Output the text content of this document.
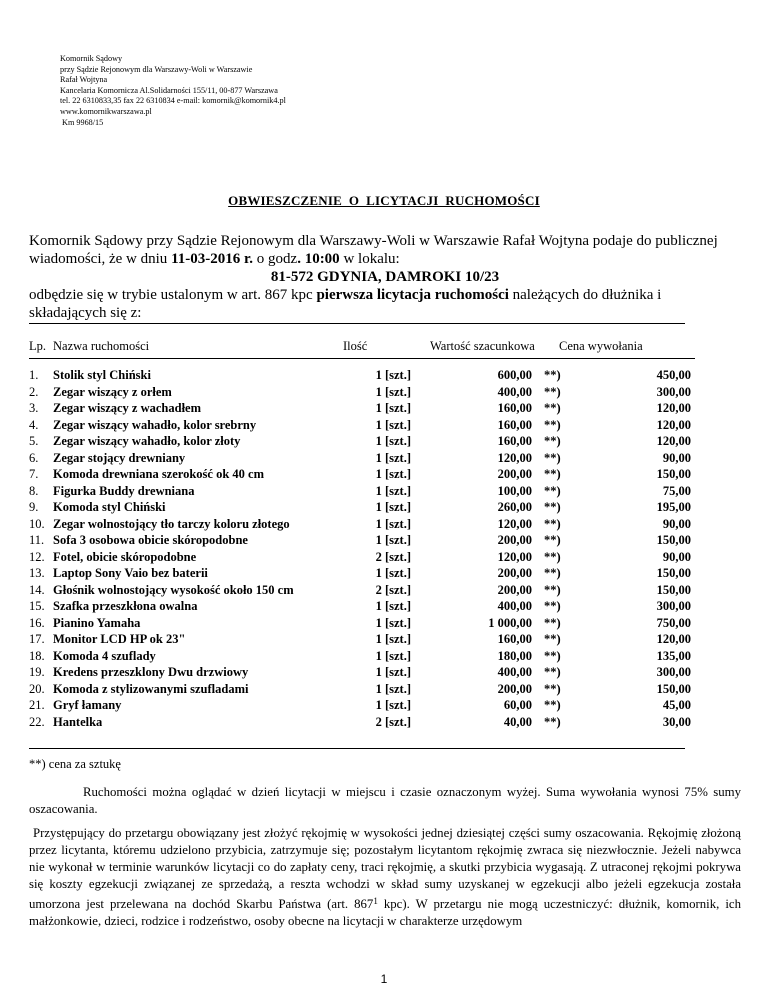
Komornik Sądowy
przy Sądzie Rejonowym dla Warszawy-Woli w Warszawie
Rafał Wojtyna
Kancelaria Komornicza Al.Solidarności 155/11, 00-877 Warszawa
tel. 22 6310833,35 fax 22 6310834 e-mail: komornik@komornik4.pl
www.komornikwarszawa.pl
Km 9968/15
OBWIESZCZENIE  O  LICYTACJI  RUCHOMOŚCI
Komornik Sądowy przy Sądzie Rejonowym dla Warszawy-Woli w Warszawie Rafał Wojtyna podaje do publicznej wiadomości, że w dniu 11-03-2016 r. o godz. 10:00 w lokalu:
81-572 GDYNIA, DAMROKI 10/23
odbędzie się w trybie ustalonym w art. 867 kpc pierwsza licytacja ruchomości należących do dłużnika i składających się z:
Lp. Nazwa ruchomości	Ilość	Wartość szacunkowa Cena wywołania
1. Stolik styl Chiński	1 [szt.]	600,00 **)	450,00
2. Zegar wiszący z orłem	1 [szt.]	400,00 **)	300,00
3. Zegar wiszący z wachadłem	1 [szt.]	160,00 **)	120,00
4. Zegar wiszący wahadło, kolor srebrny	1 [szt.]	160,00 **)	120,00
5. Zegar wiszący wahadło, kolor złoty	1 [szt.]	160,00 **)	120,00
6. Zegar stojący drewniany	1 [szt.]	120,00 **)	90,00
7. Komoda drewniana szerokość ok 40 cm	1 [szt.]	200,00 **)	150,00
8. Figurka Buddy drewniana	1 [szt.]	100,00 **)	75,00
9. Komoda styl Chiński	1 [szt.]	260,00 **)	195,00
10. Zegar wolnostojący tło tarczy koloru złotego	1 [szt.]	120,00 **)	90,00
11. Sofa 3 osobowa obicie skóropodobne	1 [szt.]	200,00 **)	150,00
12. Fotel, obicie skóropodobne	2 [szt.]	120,00 **)	90,00
13. Laptop Sony Vaio bez baterii	1 [szt.]	200,00 **)	150,00
14. Głośnik wolnostojący wysokość około 150 cm	2 [szt.]	200,00 **)	150,00
15. Szafka przeszkłona owalna	1 [szt.]	400,00 **)	300,00
16. Pianino Yamaha	1 [szt.]	1 000,00 **)	750,00
17. Monitor LCD HP ok 23"	1 [szt.]	160,00 **)	120,00
18. Komoda 4 szuflady	1 [szt.]	180,00 **)	135,00
19. Kredens przeszklony Dwu drzwiowy	1 [szt.]	400,00 **)	300,00
20. Komoda z stylizowanymi szufladami	1 [szt.]	200,00 **)	150,00
21. Gryf łamany	1 [szt.]	60,00 **)	45,00
22. Hantelka	2 [szt.]	40,00 **)	30,00
**) cena za sztukę
Ruchomości można oglądać w dzień licytacji w miejscu i czasie oznaczonym wyżej. Suma wywołania wynosi 75% sumy oszacowania.
Przystępujący do przetargu obowiązany jest złożyć rękojmię w wysokości jednej dziesiątej części sumy oszacowania. Rękojmię złożoną przez licytanta, któremu udzielono przybicia, zatrzymuje się; pozostałym licytantom rękojmię zwraca się niezwłocznie. Jeżeli nabywca nie wykonał w terminie warunków licytacji co do zapłaty ceny, traci rękojmię, a skutki przybicia wygasają. Z utraconej rękojmi pokrywa się koszty egzekucji związanej ze sprzedażą, a reszta wchodzi w skład sumy uzyskanej w egzekucji albo jeżeli egzekucja została umorzona jest przelewana na dochód Skarbu Państwa (art. $867^1$ kpc). W przetargu nie mogą uczestniczyć: dłużnik, komornik, ich małżonkowie, dzieci, rodzice i rodzeństwo, osoby obecne na licytacji w charakterze urzędowym
1
